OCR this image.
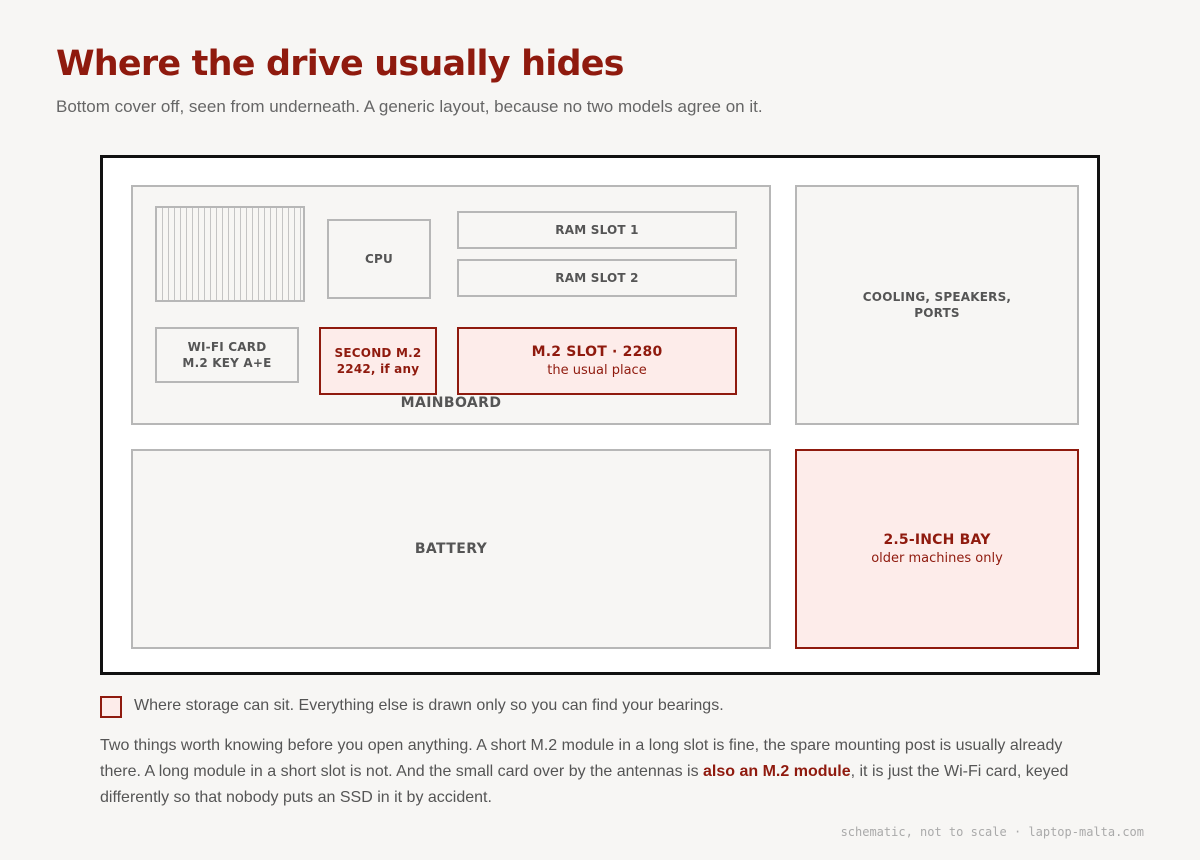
Where the drive usually hides

Bottom cover off, seen from underneath. A generic layout, because no two models agree on it.

MAINBOARD
CPU
RAM SLOT 1
RAM SLOT 2
WI-FI CARD
M.2 KEY A+E
SECOND M.2
2242, if any
M.2 SLOT · 2280
the usual place
COOLING, SPEAKERS,
PORTS
BATTERY
2.5-INCH BAY
older machines only

Where storage can sit. Everything else is drawn only so you can find your bearings.

Two things worth knowing before you open anything. A short M.2 module in a long slot is fine, the spare mounting post is usually already there. A long module in a short slot is not. And the small card over by the antennas is also an M.2 module, it is just the Wi-Fi card, keyed differently so that nobody puts an SSD in it by accident.

schematic, not to scale · laptop-malta.com
